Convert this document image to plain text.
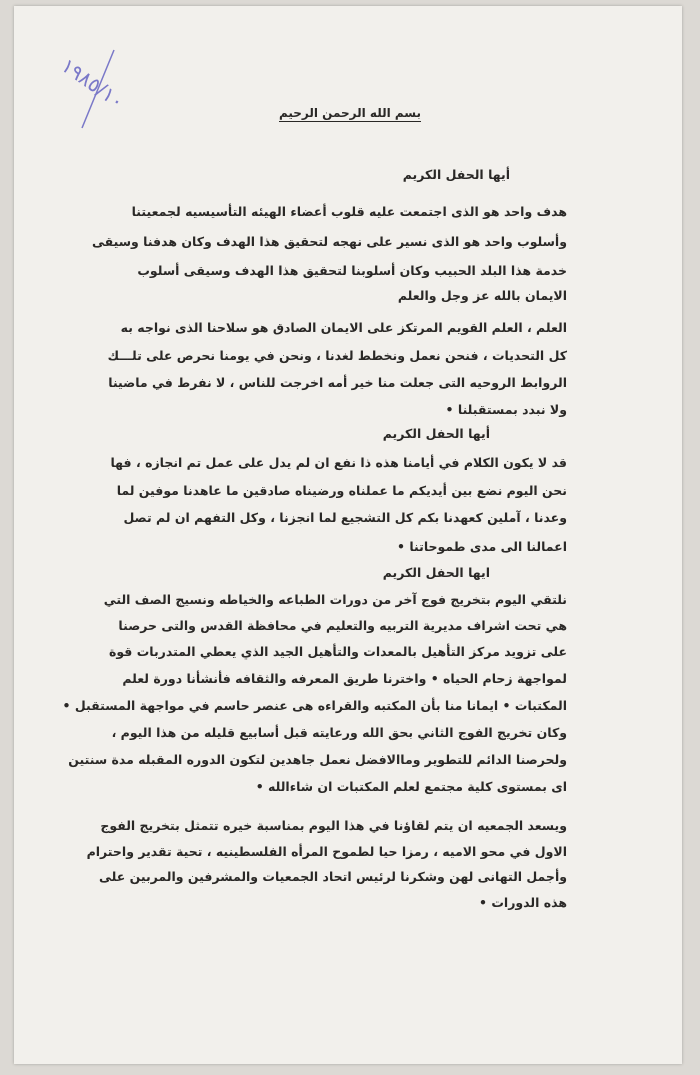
١٩٨٥/١٠	بسم الله الرحمن الرحيم
أيها الحفل الكريم
هدف واحد هو الذى اجتمعت عليه قلوب أعضاء الهيئه التأسيسيه لجمعيتنا
وأسلوب واحد هو الذى نسير على نهجه لتحقيق هذا الهدف وكان هدفنا وسيقى
خدمة هذا البلد الحبيب وكان أسلوبنا لتحقيق هذا الهدف وسيقى أسلوب
الايمان بالله عز وجل والعلم
العلم ، العلم القويم المرتكز على الايمان الصادق هو سلاحنا الذى نواجه به
كل التحديات ، فنحن نعمل ونخطط لغدنا ، ونحن في يومنا نحرص على تلـــك
الروابط الروحيه التى جعلت منا خير أمه اخرجت للناس ، لا نفرط في ماضينا
ولا نبدد بمستقبلنا •
أيها الحفل الكريم
قد لا يكون الكلام في أيامنا هذه ذا نفع ان لم يدل على عمل تم انجازه ، فها
نحن اليوم نضع بين أيديكم ما عملناه ورضيناه صادقين ما عاهدنا موفين لما
وعدنا ، آملين كعهدنا بكم كل التشجيع لما انجزنا ، وكل التفهم ان لم تصل
اعمالنا الى مدى طموحاتنا •
ايها الحفل الكريم
نلتقي اليوم بتخريج فوج آخر من دورات الطباعه والخياطه ونسيج الصف التي
هي تحت اشراف مديرية التربيه والتعليم في محافظة القدس والتى حرصنا
على تزويد مركز التأهيل بالمعدات والتأهيل الجيد الذي يعطي المتدربات قوة
لمواجهة زحام الحياه • واخترنا طريق المعرفه والثقافه فأنشأنا دورة لعلم
المكتبات • ايمانا منا بأن المكتبه والقراءه هى عنصر حاسم في مواجهة المستقبل •
وكان تخريج الفوج الثاني بحق الله ورعايته قبل أسابيع قليله من هذا اليوم ،
ولحرصنا الدائم للتطوير وماالافضل نعمل جاهدين لتكون الدوره المقبله مدة سنتين
اى بمستوى كلية مجتمع لعلم المكتبات ان شاءالله •
ويسعد الجمعيه ان يتم لقاؤنا في هذا اليوم بمناسبة خيره تتمثل بتخريج الفوج
الاول في محو الاميه ، رمزا حيا لطموح المرأه الفلسطينيه ، تحية تقدير واحترام
وأجمل التهانى لهن وشكرنا لرئيس اتحاد الجمعيات والمشرفين والمربين على
هذه الدورات •
